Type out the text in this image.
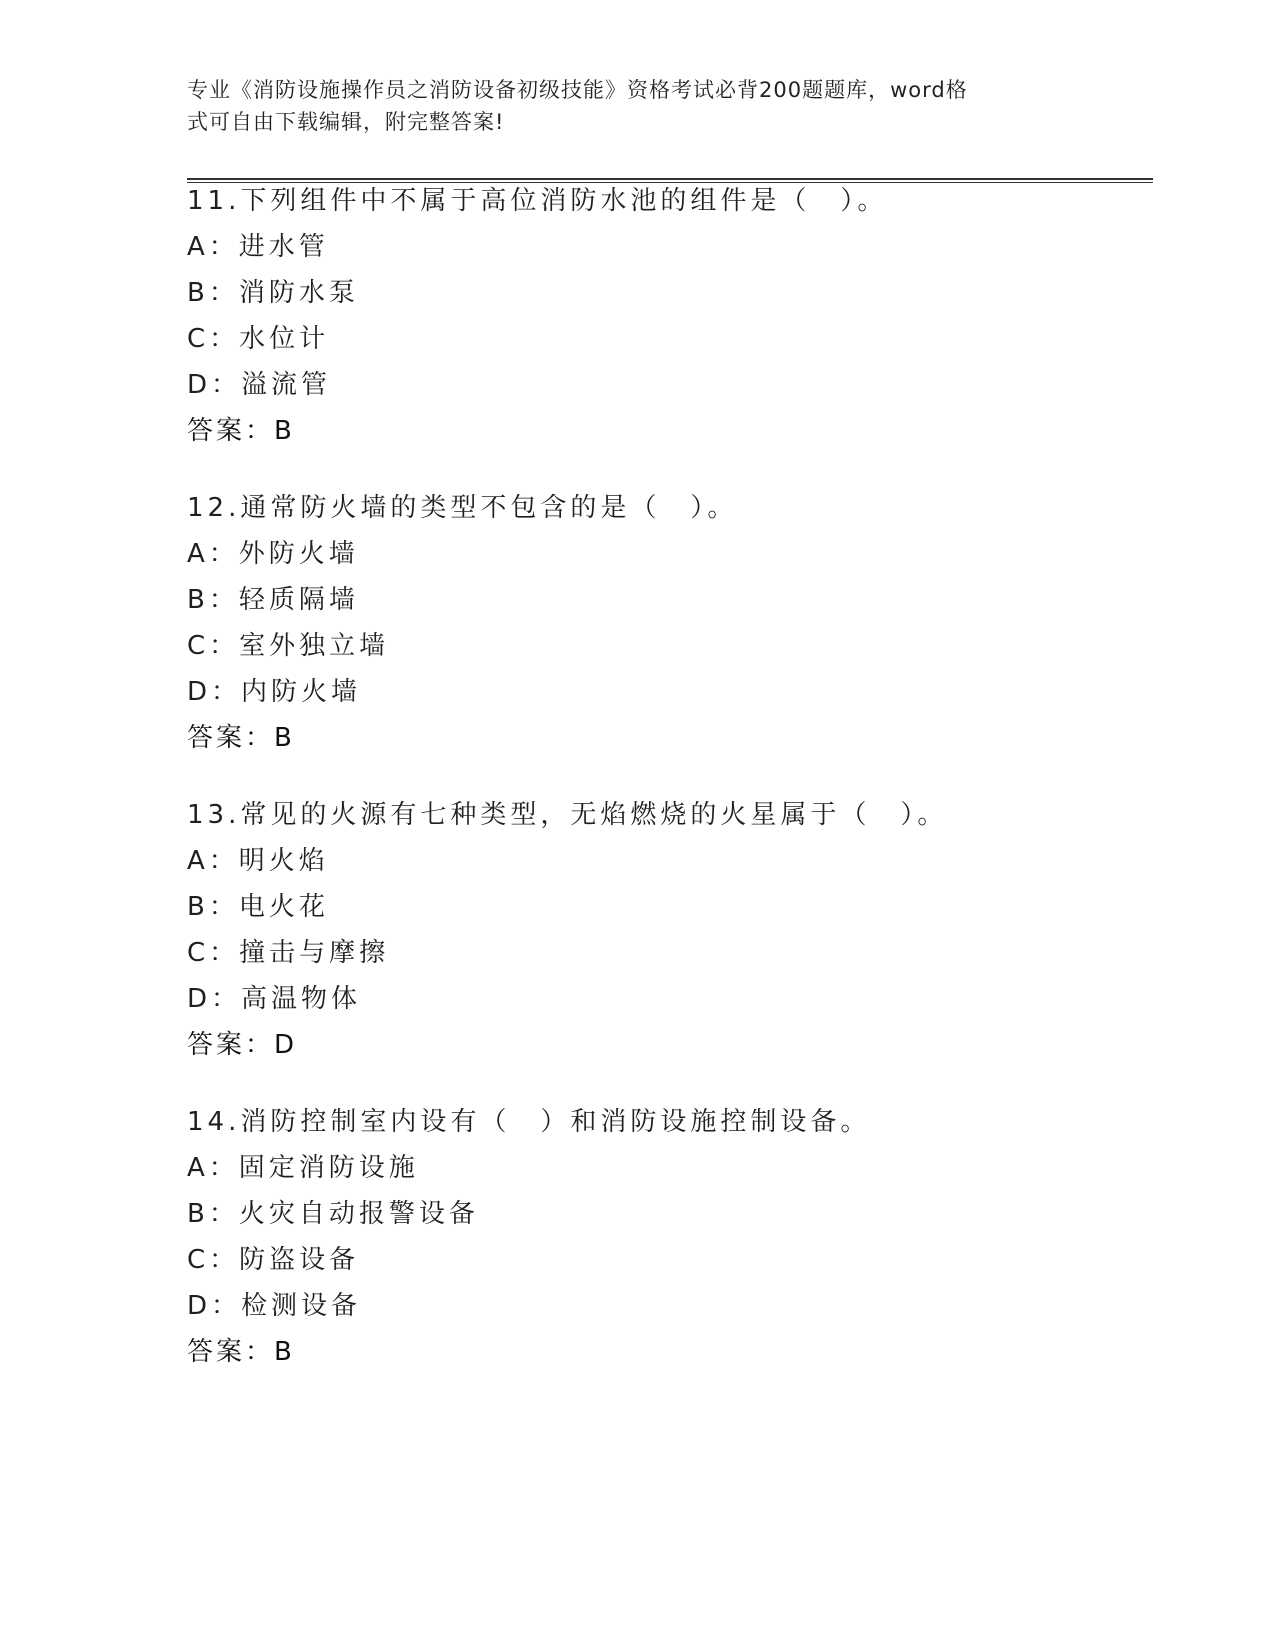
专业《消防设施操作员之消防设备初级技能》资格考试必背200题题库，word格
式可自由下载编辑，附完整答案!
11.下列组件中不属于高位消防水池的组件是（　）。
A：进水管
B：消防水泵
C：水位计
D：溢流管
答案：B
12.通常防火墙的类型不包含的是（　）。
A：外防火墙
B：轻质隔墙
C：室外独立墙
D：内防火墙
答案：B
13.常见的火源有七种类型，无焰燃烧的火星属于（　）。
A：明火焰
B：电火花
C：撞击与摩擦
D：高温物体
答案：D
14.消防控制室内设有（　）和消防设施控制设备。
A：固定消防设施
B：火灾自动报警设备
C：防盗设备
D：检测设备
答案：B
